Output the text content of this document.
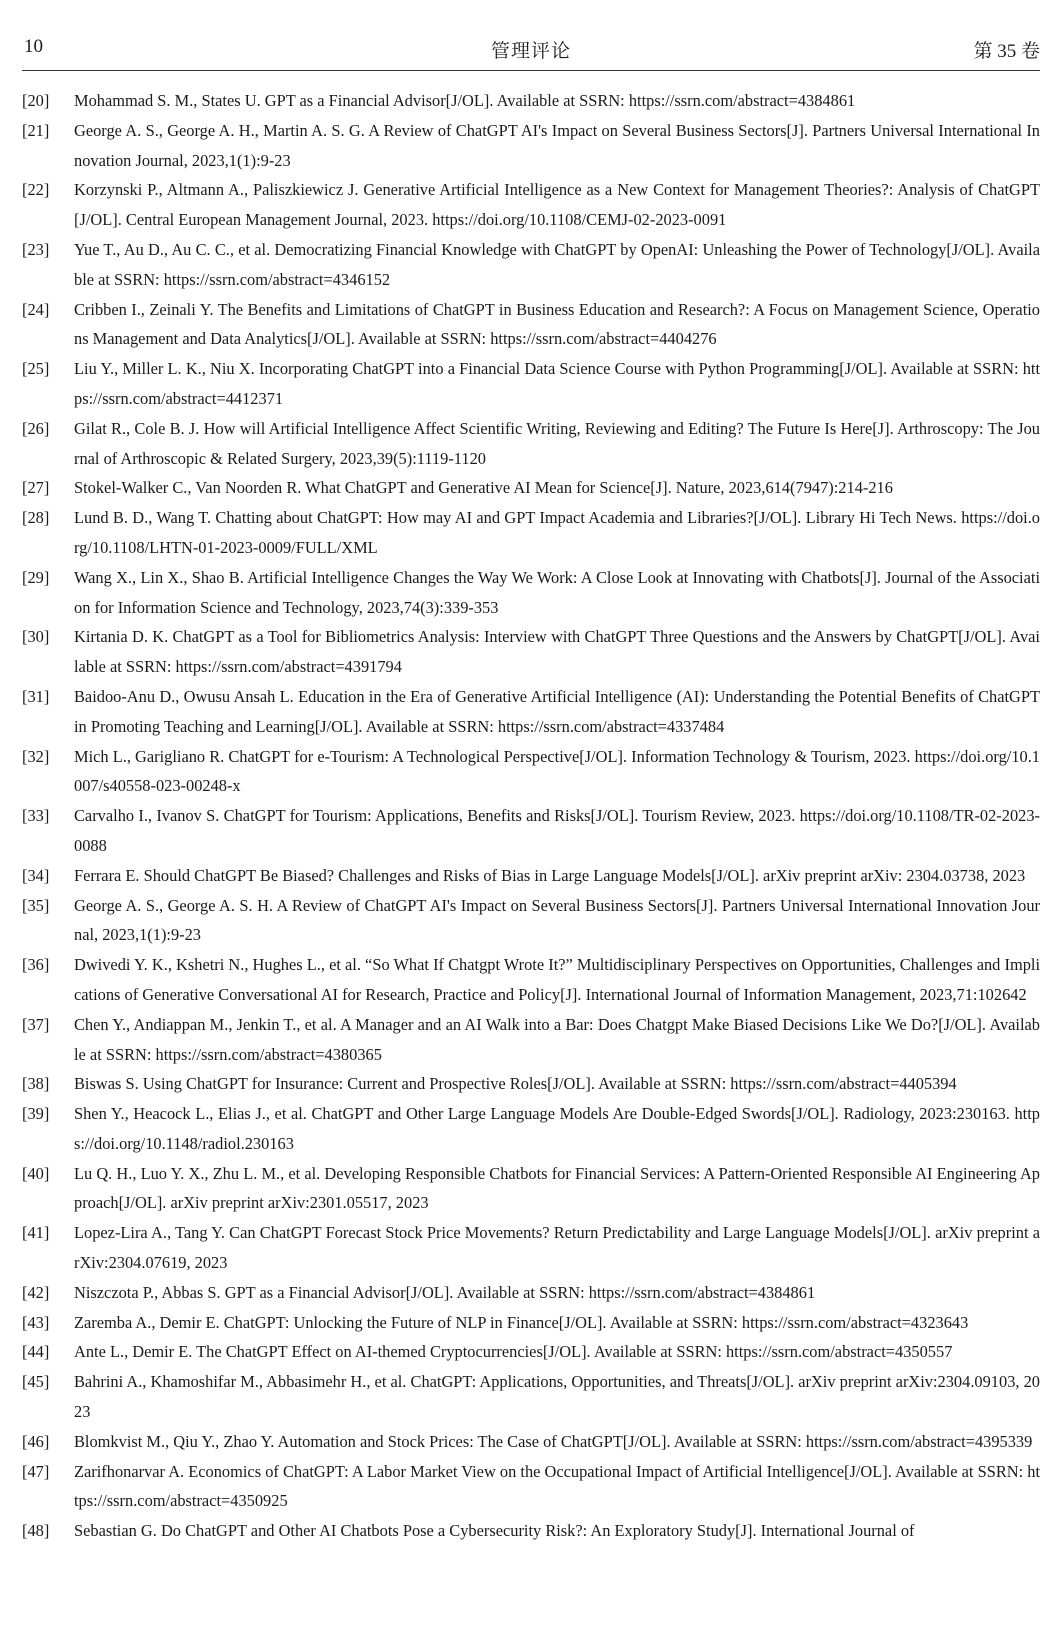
10	管理评论	第 35 卷
[20]	Mohammad S. M., States U. GPT as a Financial Advisor[J/OL]. Available at SSRN: https://ssrn.com/abstract=4384861
[21]	George A. S., George A. H., Martin A. S. G. A Review of ChatGPT AI's Impact on Several Business Sectors[J]. Partners Universal International Innovation Journal, 2023,1(1):9-23
[22]	Korzynski P., Altmann A., Paliszkiewicz J. Generative Artificial Intelligence as a New Context for Management Theories?: Analysis of ChatGPT[J/OL]. Central European Management Journal, 2023. https://doi.org/10.1108/CEMJ-02-2023-0091
[23]	Yue T., Au D., Au C. C., et al. Democratizing Financial Knowledge with ChatGPT by OpenAI: Unleashing the Power of Technology[J/OL]. Available at SSRN: https://ssrn.com/abstract=4346152
[24]	Cribben I., Zeinali Y. The Benefits and Limitations of ChatGPT in Business Education and Research?: A Focus on Management Science, Operations Management and Data Analytics[J/OL]. Available at SSRN: https://ssrn.com/abstract=4404276
[25]	Liu Y., Miller L. K., Niu X. Incorporating ChatGPT into a Financial Data Science Course with Python Programming[J/OL]. Available at SSRN: https://ssrn.com/abstract=4412371
[26]	Gilat R., Cole B. J. How will Artificial Intelligence Affect Scientific Writing, Reviewing and Editing? The Future Is Here[J]. Arthroscopy: The Journal of Arthroscopic & Related Surgery, 2023,39(5):1119-1120
[27]	Stokel-Walker C., Van Noorden R. What ChatGPT and Generative AI Mean for Science[J]. Nature, 2023,614(7947):214-216
[28]	Lund B. D., Wang T. Chatting about ChatGPT: How may AI and GPT Impact Academia and Libraries?[J/OL]. Library Hi Tech News. https://doi.org/10.1108/LHTN-01-2023-0009/FULL/XML
[29]	Wang X., Lin X., Shao B. Artificial Intelligence Changes the Way We Work: A Close Look at Innovating with Chatbots[J]. Journal of the Association for Information Science and Technology, 2023,74(3):339-353
[30]	Kirtania D. K. ChatGPT as a Tool for Bibliometrics Analysis: Interview with ChatGPT Three Questions and the Answers by ChatGPT[J/OL]. Available at SSRN: https://ssrn.com/abstract=4391794
[31]	Baidoo-Anu D., Owusu Ansah L. Education in the Era of Generative Artificial Intelligence (AI): Understanding the Potential Benefits of ChatGPT in Promoting Teaching and Learning[J/OL]. Available at SSRN: https://ssrn.com/abstract=4337484
[32]	Mich L., Garigliano R. ChatGPT for e-Tourism: A Technological Perspective[J/OL]. Information Technology & Tourism, 2023. https://doi.org/10.1007/s40558-023-00248-x
[33]	Carvalho I., Ivanov S. ChatGPT for Tourism: Applications, Benefits and Risks[J/OL]. Tourism Review, 2023. https://doi.org/10.1108/TR-02-2023-0088
[34]	Ferrara E. Should ChatGPT Be Biased? Challenges and Risks of Bias in Large Language Models[J/OL]. arXiv preprint arXiv: 2304.03738, 2023
[35]	George A. S., George A. S. H. A Review of ChatGPT AI's Impact on Several Business Sectors[J]. Partners Universal International Innovation Journal, 2023,1(1):9-23
[36]	Dwivedi Y. K., Kshetri N., Hughes L., et al. “So What If Chatgpt Wrote It?” Multidisciplinary Perspectives on Opportunities, Challenges and Implications of Generative Conversational AI for Research, Practice and Policy[J]. International Journal of Information Management, 2023,71:102642
[37]	Chen Y., Andiappan M., Jenkin T., et al. A Manager and an AI Walk into a Bar: Does Chatgpt Make Biased Decisions Like We Do?[J/OL]. Available at SSRN: https://ssrn.com/abstract=4380365
[38]	Biswas S. Using ChatGPT for Insurance: Current and Prospective Roles[J/OL]. Available at SSRN: https://ssrn.com/abstract=4405394
[39]	Shen Y., Heacock L., Elias J., et al. ChatGPT and Other Large Language Models Are Double-Edged Swords[J/OL]. Radiology, 2023:230163. https://doi.org/10.1148/radiol.230163
[40]	Lu Q. H., Luo Y. X., Zhu L. M., et al. Developing Responsible Chatbots for Financial Services: A Pattern-Oriented Responsible AI Engineering Approach[J/OL]. arXiv preprint arXiv:2301.05517, 2023
[41]	Lopez-Lira A., Tang Y. Can ChatGPT Forecast Stock Price Movements? Return Predictability and Large Language Models[J/OL]. arXiv preprint arXiv:2304.07619, 2023
[42]	Niszczota P., Abbas S. GPT as a Financial Advisor[J/OL]. Available at SSRN: https://ssrn.com/abstract=4384861
[43]	Zaremba A., Demir E. ChatGPT: Unlocking the Future of NLP in Finance[J/OL]. Available at SSRN: https://ssrn.com/abstract=4323643
[44]	Ante L., Demir E. The ChatGPT Effect on AI-themed Cryptocurrencies[J/OL]. Available at SSRN: https://ssrn.com/abstract=4350557
[45]	Bahrini A., Khamoshifar M., Abbasimehr H., et al. ChatGPT: Applications, Opportunities, and Threats[J/OL]. arXiv preprint arXiv:2304.09103, 2023
[46]	Blomkvist M., Qiu Y., Zhao Y. Automation and Stock Prices: The Case of ChatGPT[J/OL]. Available at SSRN: https://ssrn.com/abstract=4395339
[47]	Zarifhonarvar A. Economics of ChatGPT: A Labor Market View on the Occupational Impact of Artificial Intelligence[J/OL]. Available at SSRN: https://ssrn.com/abstract=4350925
[48]	Sebastian G. Do ChatGPT and Other AI Chatbots Pose a Cybersecurity Risk?: An Exploratory Study[J]. International Journal of
